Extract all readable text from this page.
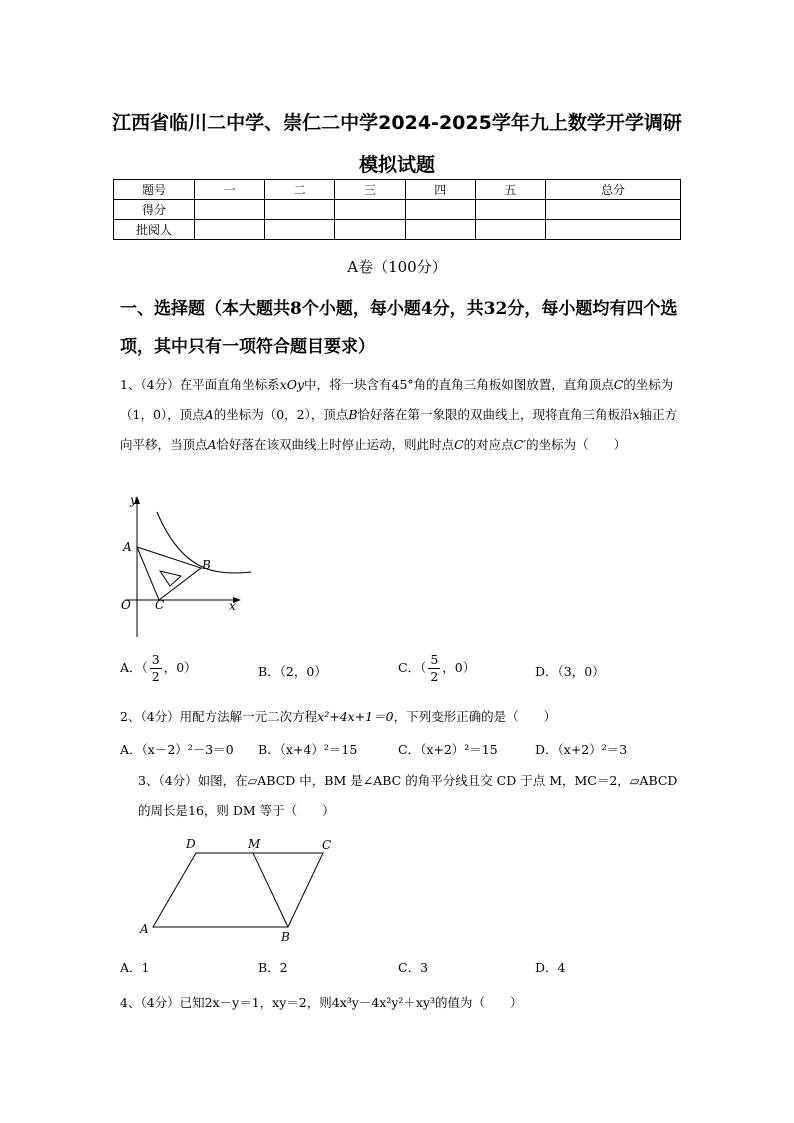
江西省临川二中学、崇仁二中学2024-2025学年九上数学开学调研
模拟试题
题号	一	二	三	四	五	总分
得分						
批阅人						
A卷（100分）
一、选择题（本大题共8个小题，每小题4分，共32分，每小题均有四个选项，其中只有一项符合题目要求）
1、（4分）在平面直角坐标系xOy中，将一块含有45°角的直角三角板如图放置，直角顶点C的坐标为（1，0），顶点A的坐标为（0，2），顶点B恰好落在第一象限的双曲线上，现将直角三角板沿x轴正方向平移，当顶点A恰好落在该双曲线上时停止运动，则此时点C的对应点C′的坐标为（　　）
y
A
B
O C	x
A．（ $\frac{3}{2}$ ，0）	B．（2，0）	C．（ $\frac{5}{2}$ ，0）	D．（3，0）
2、（4分）用配方法解一元二次方程x²+4x+1＝0，下列变形正确的是（　　）
A．（x－2）²－3＝0 B．（x+4）²＝15	C．（x+2）²＝15	D．（x+2）²＝3
3、（4分）如图，在▱ABCD 中，BM 是∠ABC 的角平分线且交 CD 于点 M，MC＝2，▱ABCD
的周长是16，则 DM 等于（　　）
D	M	C
A
B
A．1	B．2	C．3	D．4
4、（4分）已知2x－y＝1，xy＝2，则4x³y－4x²y²＋xy³的值为（　　）
